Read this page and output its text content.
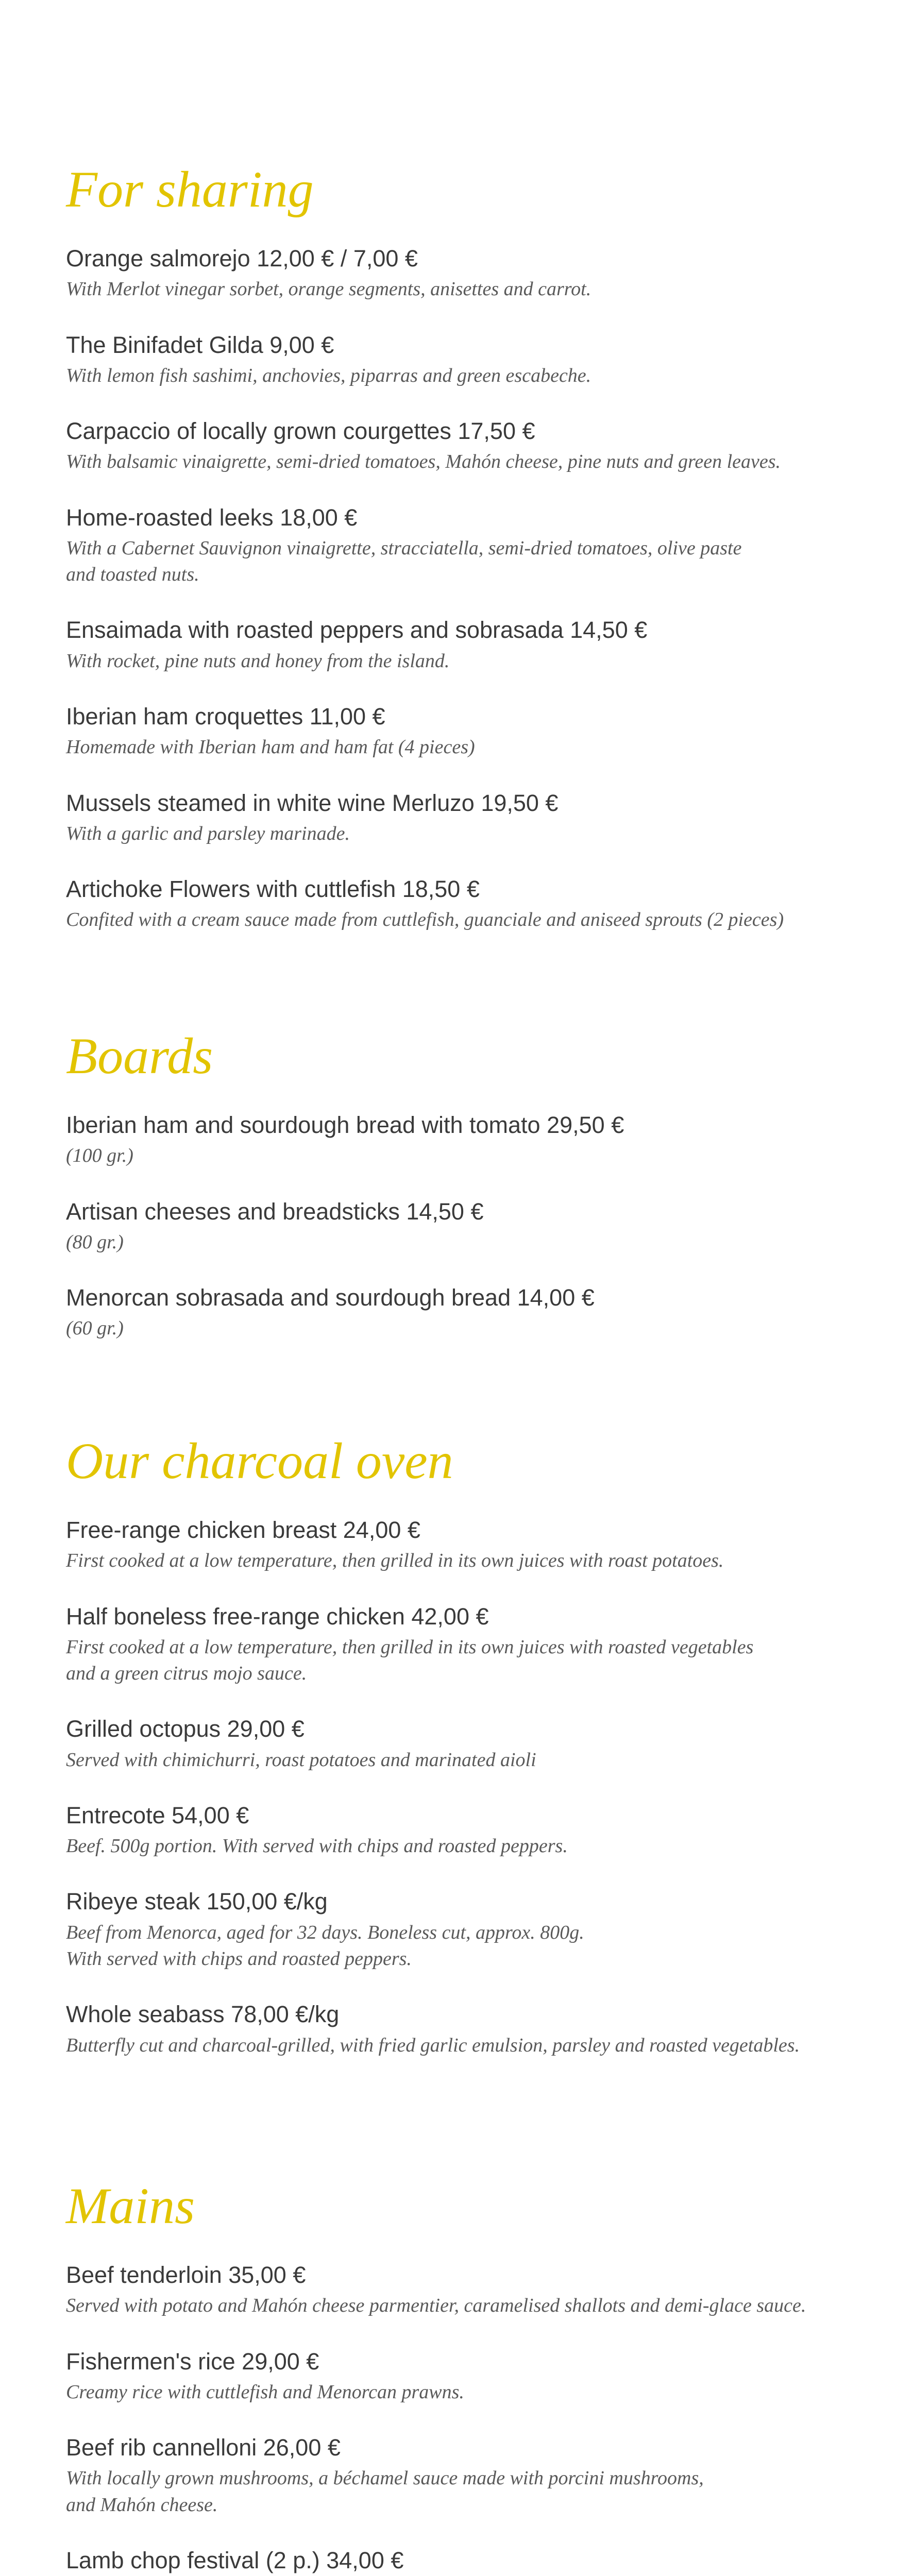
For sharing

Orange salmorejo 12,00 € / 7,00 €

With Merlot vinegar sorbet, orange segments, anisettes and carrot.

The Binifadet Gilda 9,00 €

With lemon fish sashimi, anchovies, piparras and green escabeche.

Carpaccio of locally grown courgettes 17,50 €

With balsamic vinaigrette, semi-dried tomatoes, Mahón cheese, pine nuts and green leaves.

Home-roasted leeks 18,00 €

With a Cabernet Sauvignon vinaigrette, stracciatella, semi-dried tomatoes, olive paste
and toasted nuts.

Ensaimada with roasted peppers and sobrasada 14,50 €

With rocket, pine nuts and honey from the island.

Iberian ham croquettes 11,00 €

Homemade with Iberian ham and ham fat (4 pieces)

Mussels steamed in white wine Merluzo 19,50 €

With a garlic and parsley marinade.

Artichoke Flowers with cuttlefish 18,50 €

Confited with a cream sauce made from cuttlefish, guanciale and aniseed sprouts (2 pieces)

Boards

Iberian ham and sourdough bread with tomato 29,50 €

(100 gr.)

Artisan cheeses and breadsticks 14,50 €

(80 gr.)

Menorcan sobrasada and sourdough bread 14,00 €

(60 gr.)

Our charcoal oven

Free-range chicken breast 24,00 €

First cooked at a low temperature, then grilled in its own juices with roast potatoes.

Half boneless free-range chicken 42,00 €

First cooked at a low temperature, then grilled in its own juices with roasted vegetables
and a green citrus mojo sauce.

Grilled octopus 29,00 €

Served with chimichurri, roast potatoes and marinated aioli

Entrecote 54,00 €

Beef. 500g portion. With served with chips and roasted peppers.

Ribeye steak 150,00 €/kg

Beef from Menorca, aged for 32 days. Boneless cut, approx. 800g.
With served with chips and roasted peppers.

Whole seabass 78,00 €/kg

Butterfly cut and charcoal-grilled, with fried garlic emulsion, parsley and roasted vegetables.

Mains

Beef tenderloin 35,00 €

Served with potato and Mahón cheese parmentier, caramelised shallots and demi-glace sauce.

Fishermen's rice 29,00 €

Creamy rice with cuttlefish and Menorcan prawns.

Beef rib cannelloni 26,00 €

With locally grown mushrooms, a béchamel sauce made with porcini mushrooms,
and Mahón cheese.

Lamb chop festival (2 p.) 34,00 €
